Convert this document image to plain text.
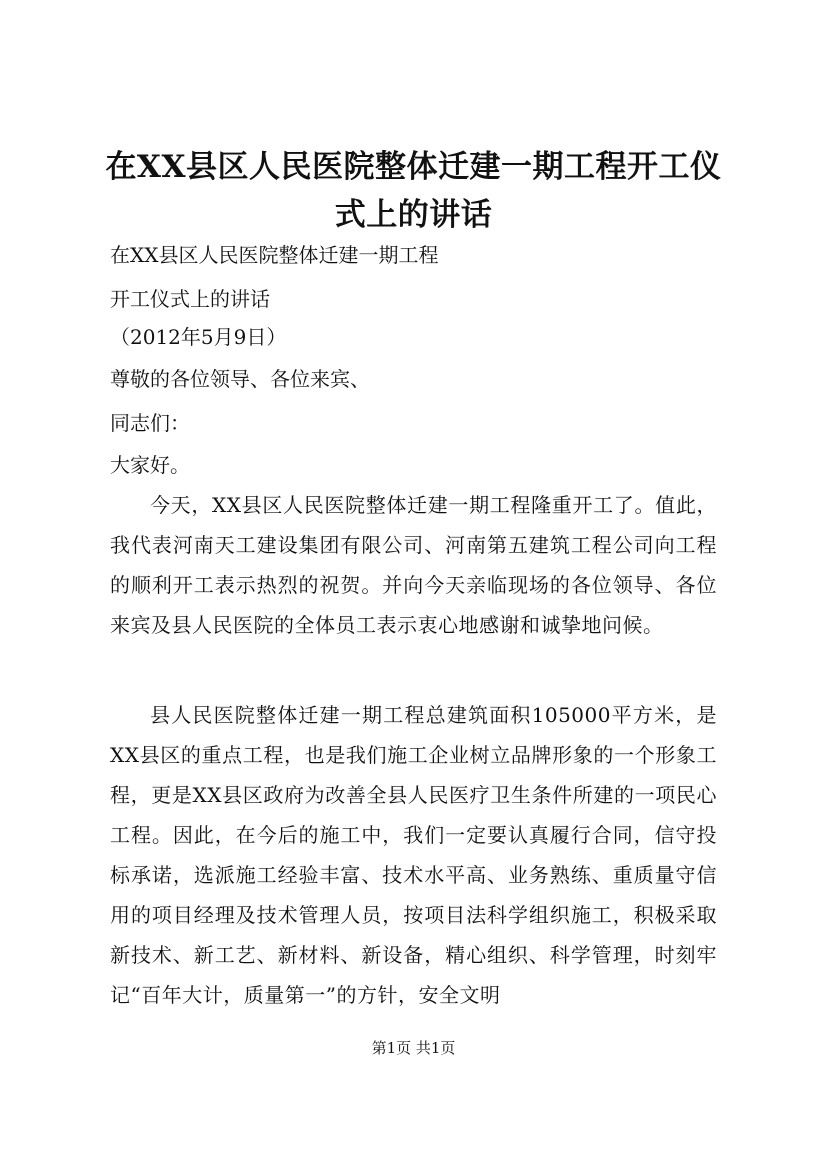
在XX县区人民医院整体迁建一期工程开工仪式上的讲话

在XX县区人民医院整体迁建一期工程

开工仪式上的讲话

（2012年5月9日）

尊敬的各位领导、各位来宾、

同志们：

大家好。

今天，XX县区人民医院整体迁建一期工程隆重开工了。值此，我代表河南天工建设集团有限公司、河南第五建筑工程公司向工程的顺利开工表示热烈的祝贺。并向今天亲临现场的各位领导、各位来宾及县人民医院的全体员工表示衷心地感谢和诚挚地问候。

县人民医院整体迁建一期工程总建筑面积105000平方米，是XX县区的重点工程，也是我们施工企业树立品牌形象的一个形象工程，更是XX县区政府为改善全县人民医疗卫生条件所建的一项民心工程。因此，在今后的施工中，我们一定要认真履行合同，信守投标承诺，选派施工经验丰富、技术水平高、业务熟练、重质量守信用的项目经理及技术管理人员，按项目法科学组织施工，积极采取新技术、新工艺、新材料、新设备，精心组织、科学管理，时刻牢记“百年大计，质量第一”的方针，安全文明

第1页 共1页
